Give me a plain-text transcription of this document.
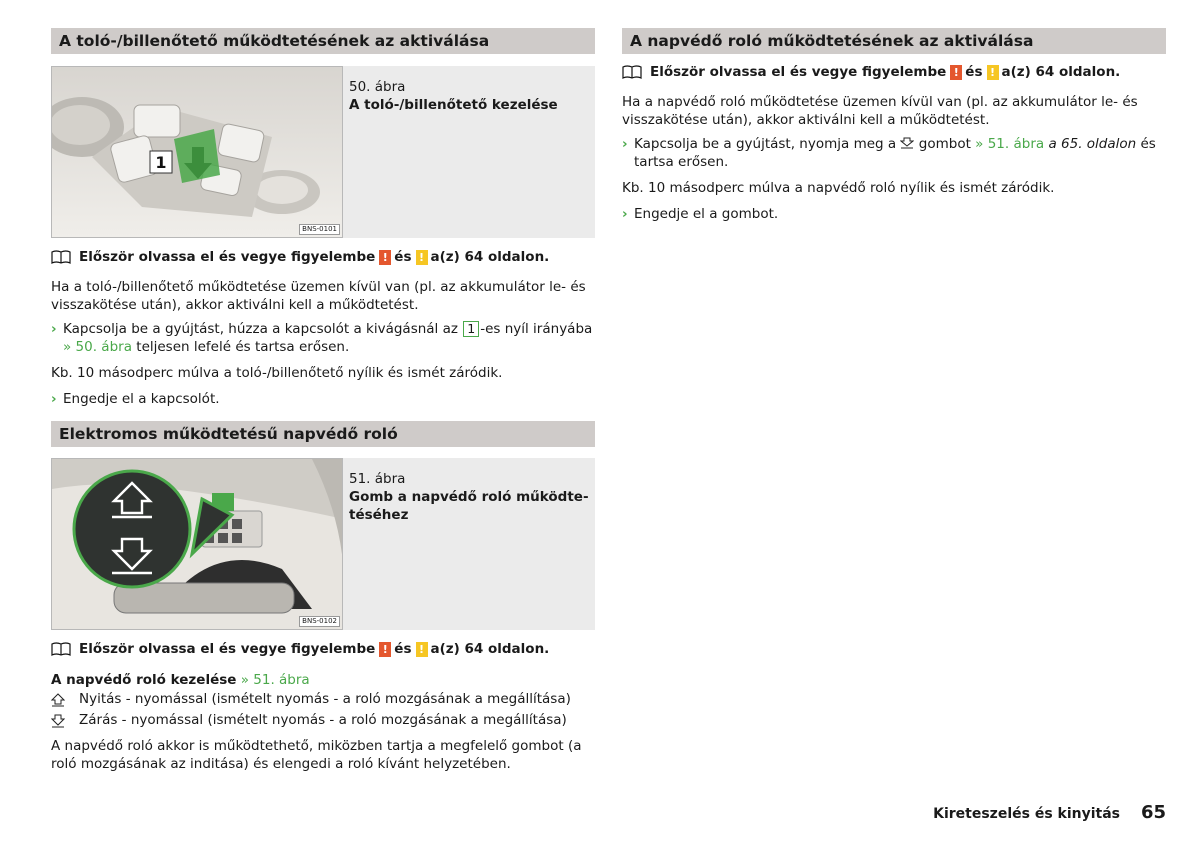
A toló-/billenőtető működtetésének az aktiválása
1
BNS-0101
50. ábra
A toló-/billenőtető kezelése
Először olvassa el és vegye figyelembe ! és ! a(z) 64 oldalon.
Ha a toló-/billenőtető működtetése üzemen kívül van (pl. az akkumulátor le- és visszakötése után), akkor aktiválni kell a működtetést.
› Kapcsolja be a gyújtást, húzza a kapcsolót a kivágásnál az 1 -es nyíl irányába » 50. ábra teljesen lefelé és tartsa erősen.
Kb. 10 másodperc múlva a toló-/billenőtető nyílik és ismét záródik.
› Engedje el a kapcsolót.
Elektromos működtetésű napvédő roló
BNS-0102
51. ábra
Gomb a napvédő roló működte-
téséhez
Először olvassa el és vegye figyelembe ! és ! a(z) 64 oldalon.
A napvédő roló kezelése » 51. ábra
Nyitás - nyomással (ismételt nyomás - a roló mozgásának a megállítása)
Zárás - nyomással (ismételt nyomás - a roló mozgásának a megállítása)
A napvédő roló akkor is működtethető, miközben tartja a megfelelő gombot (a roló mozgásának az inditása) és elengedi a roló kívánt helyzetében.
A napvédő roló működtetésének az aktiválása
Először olvassa el és vegye figyelembe ! és ! a(z) 64 oldalon.
Ha a napvédő roló működtetése üzemen kívül van (pl. az akkumulátor le- és visszakötése után), akkor aktiválni kell a működtetést.
› Kapcsolja be a gyújtást, nyomja meg a gombot » 51. ábra a 65. oldalon és tartsa erősen.
Kb. 10 másodperc múlva a napvédő roló nyílik és ismét záródik.
› Engedje el a gombot.
Kireteszelés és kinyitás 65
